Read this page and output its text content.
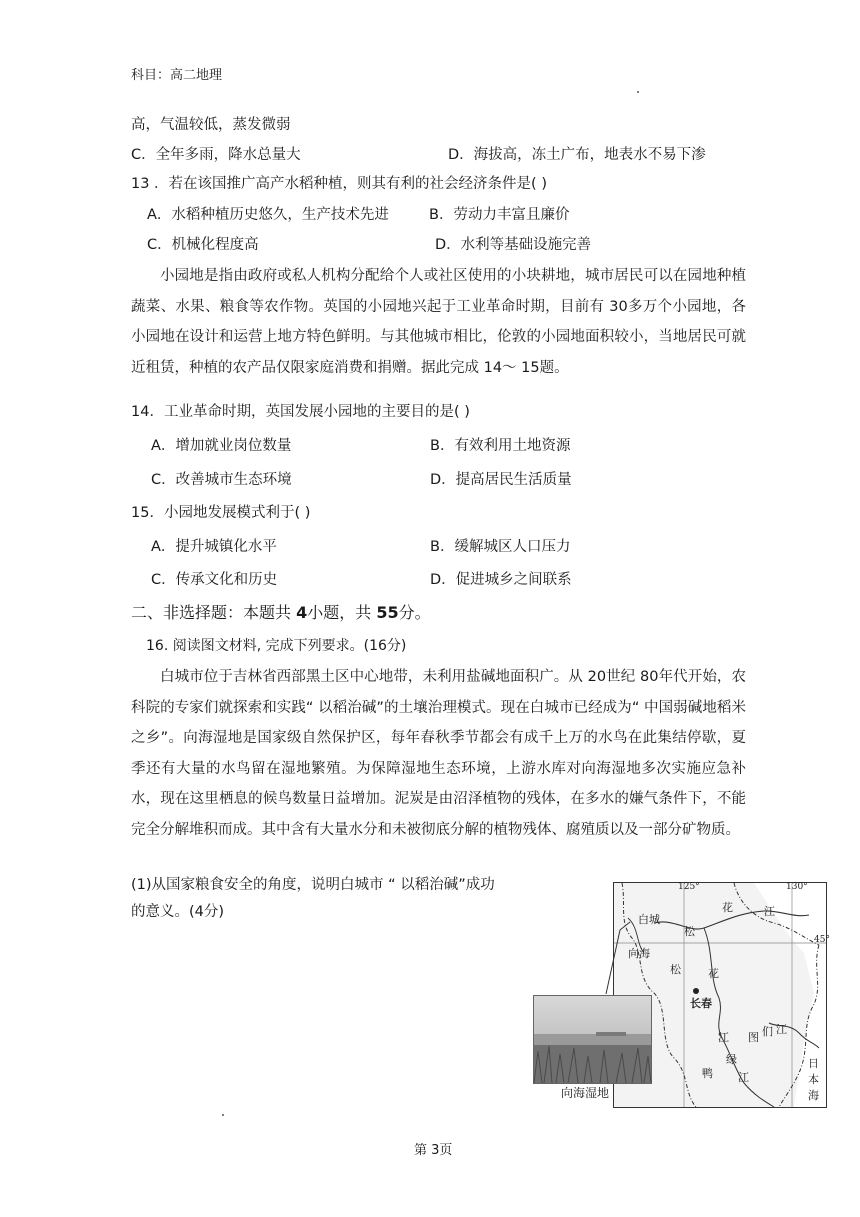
科目：高二地理
高，气温较低，蒸发微弱
C．全年多雨，降水总量大	D．海拔高，冻土广布，地表水不易下渗
13 ．若在该国推广高产水稻种植，则其有利的社会经济条件是( )
A．水稻种植历史悠久，生产技术先进	B．劳动力丰富且廉价
C．机械化程度高	D．水利等基础设施完善

小园地是指由政府或私人机构分配给个人或社区使用的小块耕地，城市居民可以在园地种植蔬菜、水果、粮食等农作物。英国的小园地兴起于工业革命时期，目前有 30多万个小园地，各小园地在设计和运营上地方特色鲜明。与其他城市相比，伦敦的小园地面积较小，当地居民可就近租赁，种植的农产品仅限家庭消费和捐赠。据此完成 14～ 15题。

14．工业革命时期，英国发展小园地的主要目的是( )
A．增加就业岗位数量	B．有效利用土地资源
C．改善城市生态环境	D．提高居民生活质量
15．小园地发展模式利于( )
A．提升城镇化水平	B．缓解城区人口压力
C．传承文化和历史	D．促进城乡之间联系
二、非选择题：本题共 4小题，共 55分。
16. 阅读图文材料, 完成下列要求。(16分)

白城市位于吉林省西部黑土区中心地带，未利用盐碱地面积广。从 20世纪 80年代开始，农科院的专家们就探索和实践“ 以稻治碱”的土壤治理模式。现在白城市已经成为“ 中国弱碱地稻米之乡”。向海湿地是国家级自然保护区，每年春秋季节都会有成千上万的水鸟在此集结停歇，夏季还有大量的水鸟留在湿地繁殖。为保障湿地生态环境，上游水库对向海湿地多次实施应急补水，现在这里栖息的候鸟数量日益增加。泥炭是由沼泽植物的残体，在多水的嫌气条件下，不能完全分解堆积而成。其中含有大量水分和未被彻底分解的植物残体、腐殖质以及一部分矿物质。

(1)从国家粮食安全的角度，说明白城市 “ 以稻治碱”成功
的意义。(4分)
125°	130°
45°
白城
向海
长春
花	江
松
松 花
江 图 们 江
绿
鸭 江
日
本
海
向海湿地
第 3页
